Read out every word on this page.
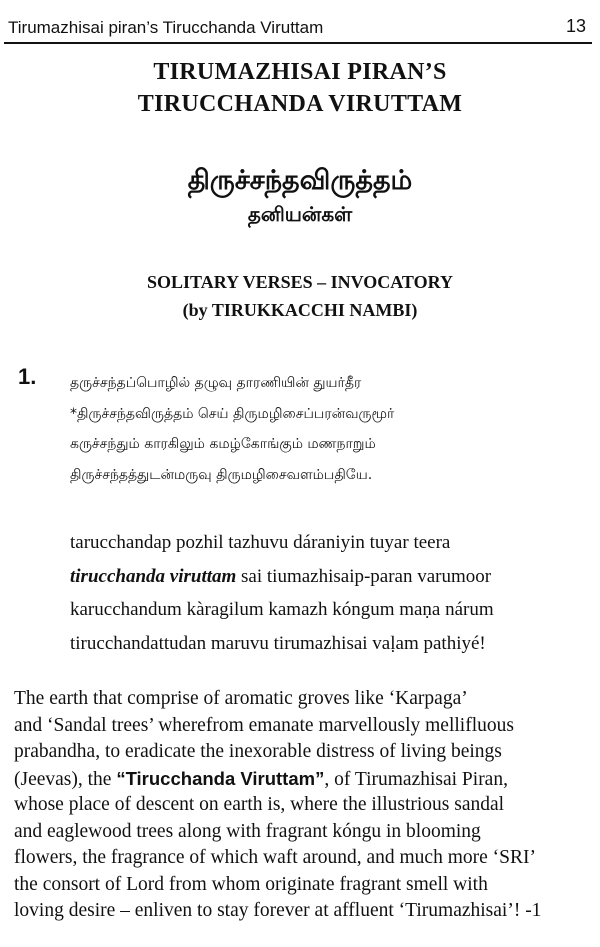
Tirumazhisai piran’s Tirucchanda Viruttam	13
TIRUMAZHISAI PIRAN’S
TIRUCCHANDA VIRUTTAM
திருச்சந்தவிருத்தம்
தனியன்கள்
SOLITARY VERSES – INVOCATORY
(by TIRUKKACCHI NAMBI)
1. தருச்சந்தப்பொழில் தழுவு தாரணியின் துயர்தீர
*திருச்சந்தவிருத்தம் செய் திருமழிசைப்பரன்வருமூர்
கருச்சந்தும் காரகிலும் கமழ்கோங்கும் மணநாறும்
திருச்சந்தத்துடன்மருவு திருமழிசைவளம்பதியே.
tarucchandap pozhil tazhuvu dáraniyin tuyar teera
tirucchanda viruttam sai tiumazhisaip-paran varumoor
karucchandum kàragilum kamazh kóngum maṇa nárum
tirucchandattudan maruvu tirumazhisai vaḷam pathiyé!
The earth that comprise of aromatic groves like ‘Karpaga’
and ‘Sandal trees’ wherefrom emanate marvellously mellifluous
prabandha, to eradicate the inexorable distress of living beings
(Jeevas), the “Tirucchanda Viruttam”, of Tirumazhisai Piran,
whose place of descent on earth is, where the illustrious sandal
and eaglewood trees along with fragrant kóngu in blooming
flowers, the fragrance of which waft around, and much more ‘SRI’
the consort of Lord from whom originate fragrant smell with
loving desire – enliven to stay forever at affluent ‘Tirumazhisai’! -1
